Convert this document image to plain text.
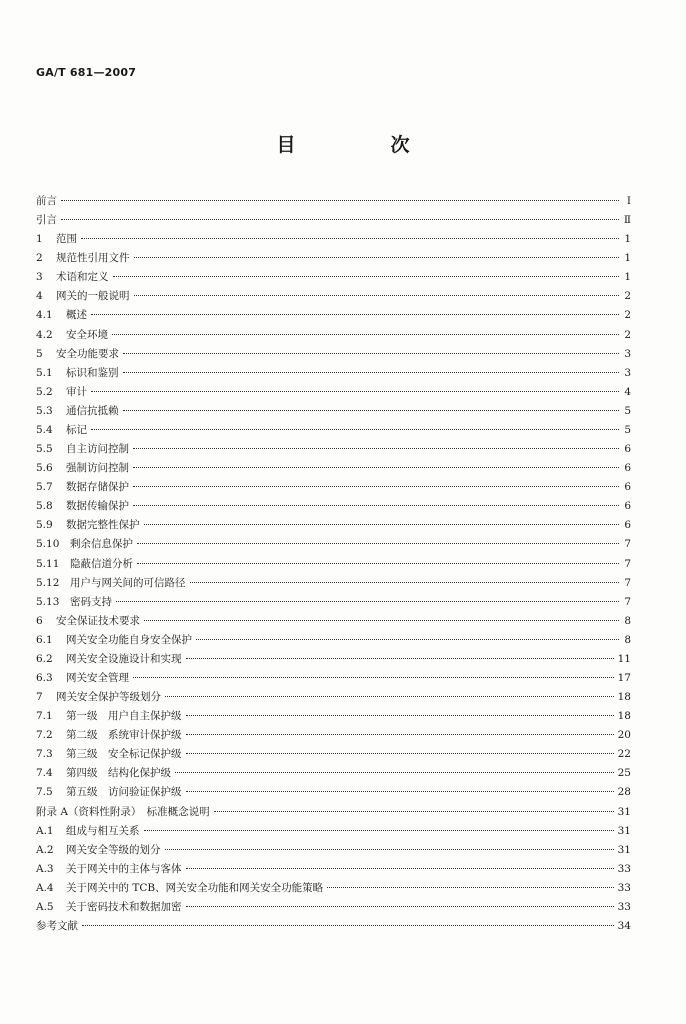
GA/T 681—2007
目　次
前言	Ⅰ
引言	Ⅱ
1	范围	1
2	规范性引用文件	1
3	术语和定义	1
4	网关的一般说明	2
4.1	概述	2
4.2	安全环境	2
5	安全功能要求	3
5.1	标识和鉴别	3
5.2	审计	4
5.3	通信抗抵赖	5
5.4	标记	5
5.5	自主访问控制	6
5.6	强制访问控制	6
5.7	数据存储保护	6
5.8	数据传输保护	6
5.9	数据完整性保护	6
5.10	剩余信息保护	7
5.11	隐蔽信道分析	7
5.12	用户与网关间的可信路径	7
5.13	密码支持	7
6	安全保证技术要求	8
6.1	网关安全功能自身安全保护	8
6.2	网关安全设施设计和实现	11
6.3	网关安全管理	17
7	网关安全保护等级划分	18
7.1	第一级　用户自主保护级	18
7.2	第二级　系统审计保护级	20
7.3	第三级　安全标记保护级	22
7.4	第四级　结构化保护级	25
7.5	第五级　访问验证保护级	28
附录 A（资料性附录）　标准概念说明	31
A.1	组成与相互关系	31
A.2	网关安全等级的划分	31
A.3	关于网关中的主体与客体	33
A.4	关于网关中的 TCB、网关安全功能和网关安全功能策略	33
A.5	关于密码技术和数据加密	33
参考文献	34
